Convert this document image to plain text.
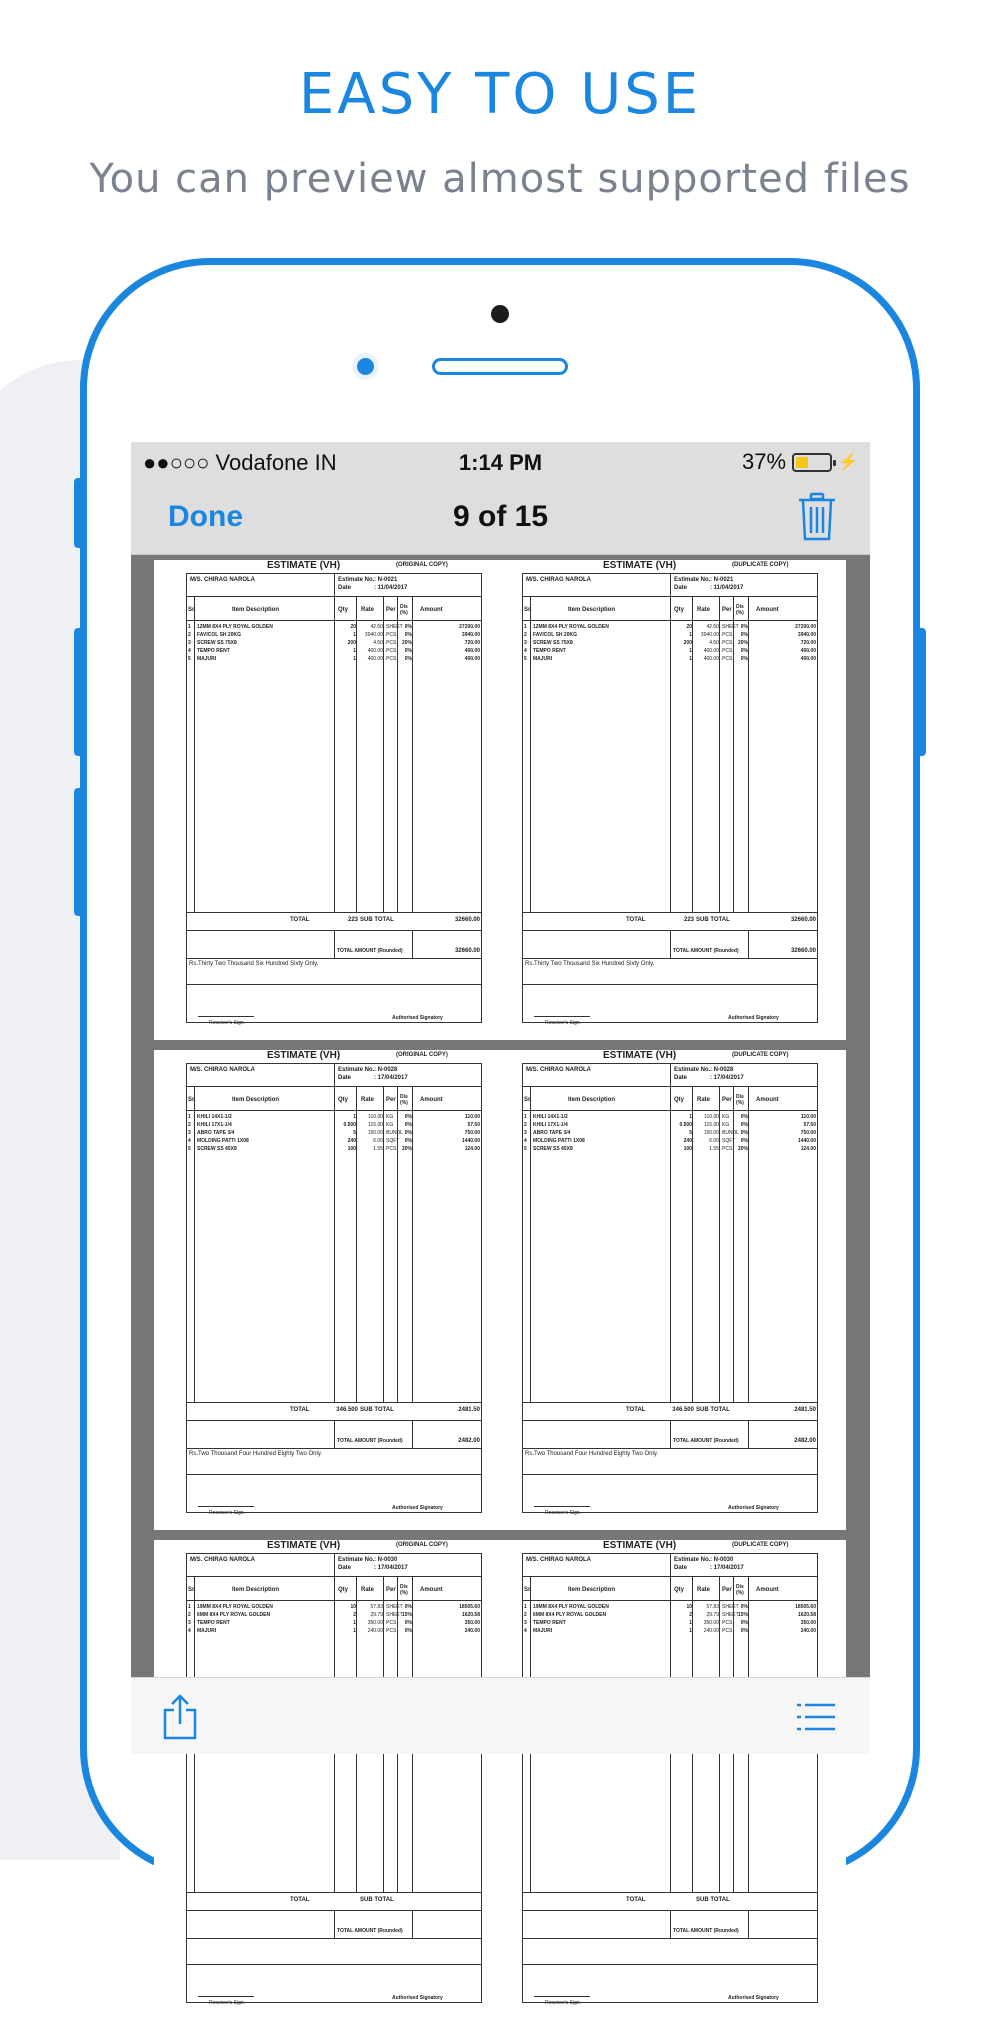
EASY TO USE
You can preview almost supported files
●●○○○ Vodafone IN	1:14 PM	37%	⚡
Done	9 of 15
ESTIMATE (VH)	(ORIGINAL COPY)
M/S. CHIRAG NAROLA	Estimate No. : N-0021
Date	: 11/04/2017
Sr.	Item Description	Qty Rate Per Dis (%)	Amount
1 12MM 8X4 PLY ROYAL GOLDEN	20	42.50 SHEET 0%	27200.00
2 FAVICOL SH 20KG	1	3940.00 PCS	0%	3940.00
3 SCREW SS 75X8	200	4.50 PCS	20%	720.00
4 TEMPO RENT	1	400.00 PCS	0%	400.00
5 MAJURI	1	400.00 PCS	0%	400.00
TOTAL	223 SUB TOTAL	32660.00
TOTAL AMOUNT (Rounded)	32660.00
Rs.Thirty Two Thousand Six Hundred Sixty Only.
Receiver's Sign.
Authorised Signatory
ESTIMATE (VH)	(DUPLICATE COPY)
M/S. CHIRAG NAROLA	Estimate No. : N-0021
Date	: 11/04/2017
Sr.	Item Description	Qty Rate Per Dis (%)	Amount
1 12MM 8X4 PLY ROYAL GOLDEN	20	42.50 SHEET 0%	27200.00
2 FAVICOL SH 20KG	1	3940.00 PCS	0%	3940.00
3 SCREW SS 75X8	200	4.50 PCS	20%	720.00
4 TEMPO RENT	1	400.00 PCS	0%	400.00
5 MAJURI	1	400.00 PCS	0%	400.00
TOTAL	223 SUB TOTAL	32660.00
TOTAL AMOUNT (Rounded)	32660.00
Rs.Thirty Two Thousand Six Hundred Sixty Only.
Receiver's Sign.
Authorised Signatory
ESTIMATE (VH)	(ORIGINAL COPY)
M/S. CHIRAG NAROLA	Estimate No. : N-0028
Date	: 17/04/2017
Sr.	Item Description	Qty Rate Per Dis (%)	Amount
1 KHILI 14X1-1/2	1	110.00 KG	0%	110.00
2 KHILI 17X1-1/4	0.500	115.00 KG	0%	57.50
3 ABRO TAPE 3/4	5	150.00 BUNDL 0%	750.00
4 MOLDING PATTI 1X08	240	6.00 SQFT	0%	1440.00
5 SCREW SS 45X8	100	1.55 PCS	20%	124.00
TOTAL	346.500 SUB TOTAL	2481.50
TOTAL AMOUNT (Rounded)	2482.00
Rs.Two Thousand Four Hundred Eighty Two Only.
Receiver's Sign.
Authorised Signatory
ESTIMATE (VH)	(DUPLICATE COPY)
M/S. CHIRAG NAROLA	Estimate No. : N-0028
Date	: 17/04/2017
Sr.	Item Description	Qty Rate Per Dis (%)	Amount
1 KHILI 14X1-1/2	1	110.00 KG	0%	110.00
2 KHILI 17X1-1/4	0.500	115.00 KG	0%	57.50
3 ABRO TAPE 3/4	5	150.00 BUNDL 0%	750.00
4 MOLDING PATTI 1X08	240	6.00 SQFT	0%	1440.00
5 SCREW SS 45X8	100	1.55 PCS	20%	124.00
TOTAL	346.500 SUB TOTAL	2481.50
TOTAL AMOUNT (Rounded)	2482.00
Rs.Two Thousand Four Hundred Eighty Two Only.
Receiver's Sign.
Authorised Signatory
ESTIMATE (VH)	(ORIGINAL COPY)
M/S. CHIRAG NAROLA	Estimate No. : N-0030
Date	: 17/04/2017
Sr.	Item Description	Qty Rate Per Dis (%)	Amount
1 19MM 8X4 PLY ROYAL GOLDEN	10	57.83 SHEET 0%	18505.60
2 6MM 8X4 PLY ROYAL GOLDEN	2	29.79 SHEET 15%	1620.58
3 TEMPO RENT	1	350.00 PCS	0%	350.00
4 MAJURI	1	240.00 PCS	0%	240.00
TOTAL	SUB TOTAL
TOTAL AMOUNT (Rounded)
Receiver's Sign.
Authorised Signatory
ESTIMATE (VH)	(DUPLICATE COPY)
M/S. CHIRAG NAROLA	Estimate No. : N-0030
Date	: 17/04/2017
Sr.	Item Description	Qty Rate Per Dis (%)	Amount
1 19MM 8X4 PLY ROYAL GOLDEN	10	57.83 SHEET 0%	18505.60
2 6MM 8X4 PLY ROYAL GOLDEN	2	29.79 SHEET 15%	1620.58
3 TEMPO RENT	1	350.00 PCS	0%	350.00
4 MAJURI	1	240.00 PCS	0%	240.00
TOTAL	SUB TOTAL
TOTAL AMOUNT (Rounded)
Receiver's Sign.
Authorised Signatory
